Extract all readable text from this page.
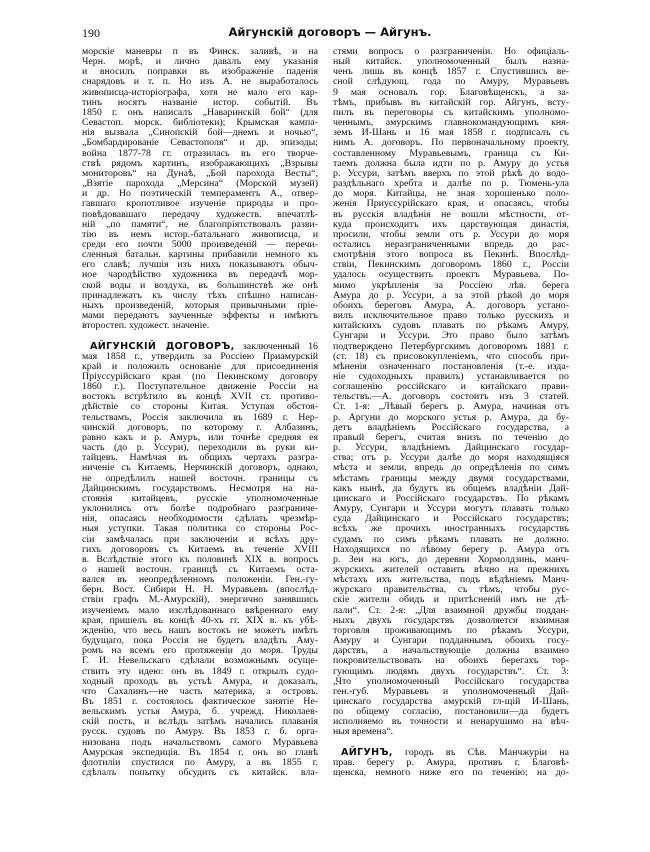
190	Айгунскій договоръ — Айгунъ.
морскіе маневры п въ Финск. заливѣ, и на
Черн. морѣ, и лично давалъ ему указанія
и вносилъ поправки въ изображеніе паденія
снарядовъ и т. п. Но изъ А. не выработалось
живописца-исторіографа, хотя не мало его кар-
тинъ носятъ названіе истор. событій. Въ
1850 г. онъ написалъ „Наваринскій бой“ (для
Севастоп. морск. библіотеки); Крымская кампа-
нія вызвала „Синопскій бой—днемъ и ночью“,
„Бомбардированіе Севастополя“ и др. эпизоды;
война 1877-78 гг. отразилась въ его творче-
ствѣ рядомъ картинъ, изображающихъ „Взрывы
мониторовъ“ на Дунаѣ, „Бой парохода Весты“,
„Взятіе парохода „Мерсина“ (Морской музей)
и др. Но поэтическій темпераментъ А., отвер-
гавшаго кропотливое изученіе природы и про-
повѣдовавшаго передачу художеств. впечатлѣ-
ній „по памяти“, не благопріятствовалъ разви-
тію въ немъ истор.-батальнаго живописца, и
среди его почти 5000 произведеній — перечи-
сленныя батальн. картины прибавили немного къ
его славѣ; лучшія изъ нихъ показываютъ обыч-
ное чародѣйство художника въ передачѣ мор-
ской воды и воздуха, въ большинствѣ же онѣ
принадлежатъ къ числу тѣхъ спѣшно написан-
ныхъ произведеній, которыя привычными пріе-
мами передаютъ заученные эффекты и имѣютъ
второстеп. художест. значеніе.
АЙГУНСКІЙ ДОГОВОРЪ, заключенный 16
мая 1858 г., утвердилъ за Россіею Приамурскій
край и положилъ основаніе для присоединенія
Пріуссурійскаго края (по Пекинскому договору
1860 г.). Поступательное движеніе Россіи на
востокъ встрѣтило въ концѣ XVII ст. противо-
дѣйствіе со стороны Китая. Уступая обстоя-
тельствамъ, Россія заключила въ 1689 г. Нер-
чинскій договоръ, по которому г. Албазинъ,
равно какъ и р. Амуръ, или точнѣе средняя ея
часть (до р. Уссури), переходили въ руки ки-
тайцевъ. Намѣчая въ общихъ чертахъ разгра-
ниченіе съ Китаемъ, Нерчинскій договоръ, однако,
не опредѣлилъ нашей восточн. границы съ
Дайцинскимъ государствомъ. Несмотря на на-
стоянія китайцевъ, русскіе уполномоченные
уклонились отъ болѣе подробнаго разграниче-
нія, опасаясь необходимости сдѣлать чрезмѣр-
ныя уступки. Такая политика со стороны Рос-
сіи замѣчалась при заключеніи и всѣхъ дру-
гихъ договоровъ съ Китаемъ въ теченіе XVIII
в. Вслѣдствіе этого къ половинѣ XIX в. вопросъ
о нашей восточн. границѣ съ Китаемъ оста-
вался въ неопредѣленномъ положеніи. Ген.-гу-
берн. Вост. Сибири Н. Н. Муравьевъ (впослѣд-
ствіи графъ М.-Амурскій), энергично занявшись
изученіемъ мало изслѣдованнаго ввѣреннаго ему
края, пришелъ въ концѣ 40-хъ гг. XIX в. къ убѣ-
жденію, что весь нашъ востокъ не можетъ имѣть
будущаго, пока Россія не будетъ владѣть Аму-
ромъ на всемъ его протяженіи до моря. Труды
Г. И. Невельскаго сдѣлали возможнымъ осуще-
ствить эту идею: онъ въ 1849 г. открылъ судо-
ходный проходъ въ устьѣ Амура, и доказалъ,
что Сахалинъ—не часть материка, а островъ.
Въ 1851 г. состоялось фактическое занятіе Не-
вельскимъ устья Амура, б. учрежд. Николаев-
скій постъ, и вслѣдъ затѣмъ начались плаванія
русск. судовъ по Амуру. Въ 1853 г. б. орга-
низована подъ начальствомъ самого Муравьева
Амурская экспедиція. Въ 1854 г. онъ во главѣ
флотиліи спустился по Амуру, а въ 1855 г.
сдѣлалъ попытку обсудить съ китайск. вла-
стями вопросъ о разграниченіи. Но офиціаль-
ный китайск. уполномоченный былъ назна-
ченъ лишь въ концѣ 1857 г. Спустившись ве-
сной слѣдующ. года по Амуру, Муравьевъ
9 мая основалъ гор. Благовѣщенскъ, а за-
тѣмъ, прибывъ въ китайскій гор. Айгунъ, всту-
пилъ въ переговоры съ китайскимъ уполномо-
ченнымъ, амурскимъ главнокомандующимъ кня-
земъ И-Шань и 16 мая 1858 г. подписалъ съ
нимъ А. договоръ. По первоначальному проекту,
составленному Муравьевымъ, граница съ Ки-
таемъ должна была идти по р. Амуру до устья
р. Уссури, затѣмъ вверхъ по этой рѣкѣ до водо-
раздѣльнаго хребта и далѣе по р. Тюмень-ула
до моря. Китайцы, не зная хорошенько поло-
женія Приуссурійскаго края, и опасаясь, чтобы
въ русскія владѣнія не вошли мѣстности, от-
куда происходитъ ихъ царствующая династія,
просили, чтобы земли отъ р. Уссури до моря
остались неразграниченными впредь до рас-
смотрѣнія этого вопроса въ Пекинѣ. Впослѣд-
ствіи, Пекинскимъ договоромъ 1860 г., Россіи
удалось осуществить проектъ Муравьева. По-
мимо укрѣпленія за Россіею лѣв. берега
Амура до р. Уссури, а за этой рѣкой до моря
обоихъ береговъ Амура, А. договоръ устано-
вилъ исключительное право только русскихъ и
китайскихъ судовъ плавать по рѣкамъ Амуру,
Сунгари и Уссури. Это право было затѣмъ
подтверждено Петербургскимъ договоромъ 1881 г.
(ст. 18) съ присовокупленіемъ, что способъ при-
мѣненія означеннаго постановленія (т.-е. изда-
ніе судоходныхъ правилъ) устанавливается по
соглашенію россійскаго и китайскаго прави-
тельствъ.—А. договоръ состоитъ изъ 3 статей.
Ст. 1-я: „Лѣвый берегъ р. Амура, начиная отъ
р. Аргуни до морского устья р. Амура, да бу-
детъ владѣніемъ Россійскаго государства, а
правый берегъ, считая внизъ по теченію до
р. Уссури, владѣніемъ Дайцинскаго государ-
ства; отъ р. Уссури далѣе до моря находящіяся
мѣста и земли, впредь до опредѣленія по симъ
мѣстамъ границы между двумя государствами,
какъ нынѣ, да будутъ въ общемъ владѣніи Дай-
цинскаго и Россійскаго государствъ. По рѣкамъ
Амуру, Сунгари и Уссури могутъ плавать только
суда Дайцинскаго и Россійскаго государствъ;
всѣхъ же прочихъ иностранныхъ государствъ
судамъ по симъ рѣкамъ плавать не должно.
Находящихся по лѣвому берегу р. Амура отъ
р. Зеи на югъ, до деревни Хормолдзинь, манч-
журскихъ жителей оставить вѣчно на прежнихъ
мѣстахъ ихъ жительства, подъ вѣдѣніемъ Манч-
журскаго правительства, съ тѣмъ, чтобы рус-
скіе жители обидъ и притѣсненій имъ не дѣ-
лали“. Ст. 2-я: „Для взаимной дружбы поддан-
ныхъ двухъ государствъ дозволяется взаимная
торговля проживающимъ по рѣкамъ Уссури,
Амуру и Сунгари подданнымъ обоихъ госу-
дарствъ, а начальствующіе должны взаимно
покровительствовать на обоихъ берегахъ тор-
гующимъ людямъ двухъ государствъ“. Ст. 3:
„Что уполномоченный Россійскаго государства
ген.-губ. Муравьевъ и уполномоченный Дай-
цинскаго государства амурскій гл-щій И-Шань,
по общему согласію, постановили—да будетъ
исполняемо въ точности и ненарушимо на вѣч-
ныя времена“.
АЙГУНЪ, городъ въ Сѣв. Манчжуріи на
прав. берегу р. Амура, противъ г. Благовѣ-
щенска, немного ниже его по теченію; на до-
